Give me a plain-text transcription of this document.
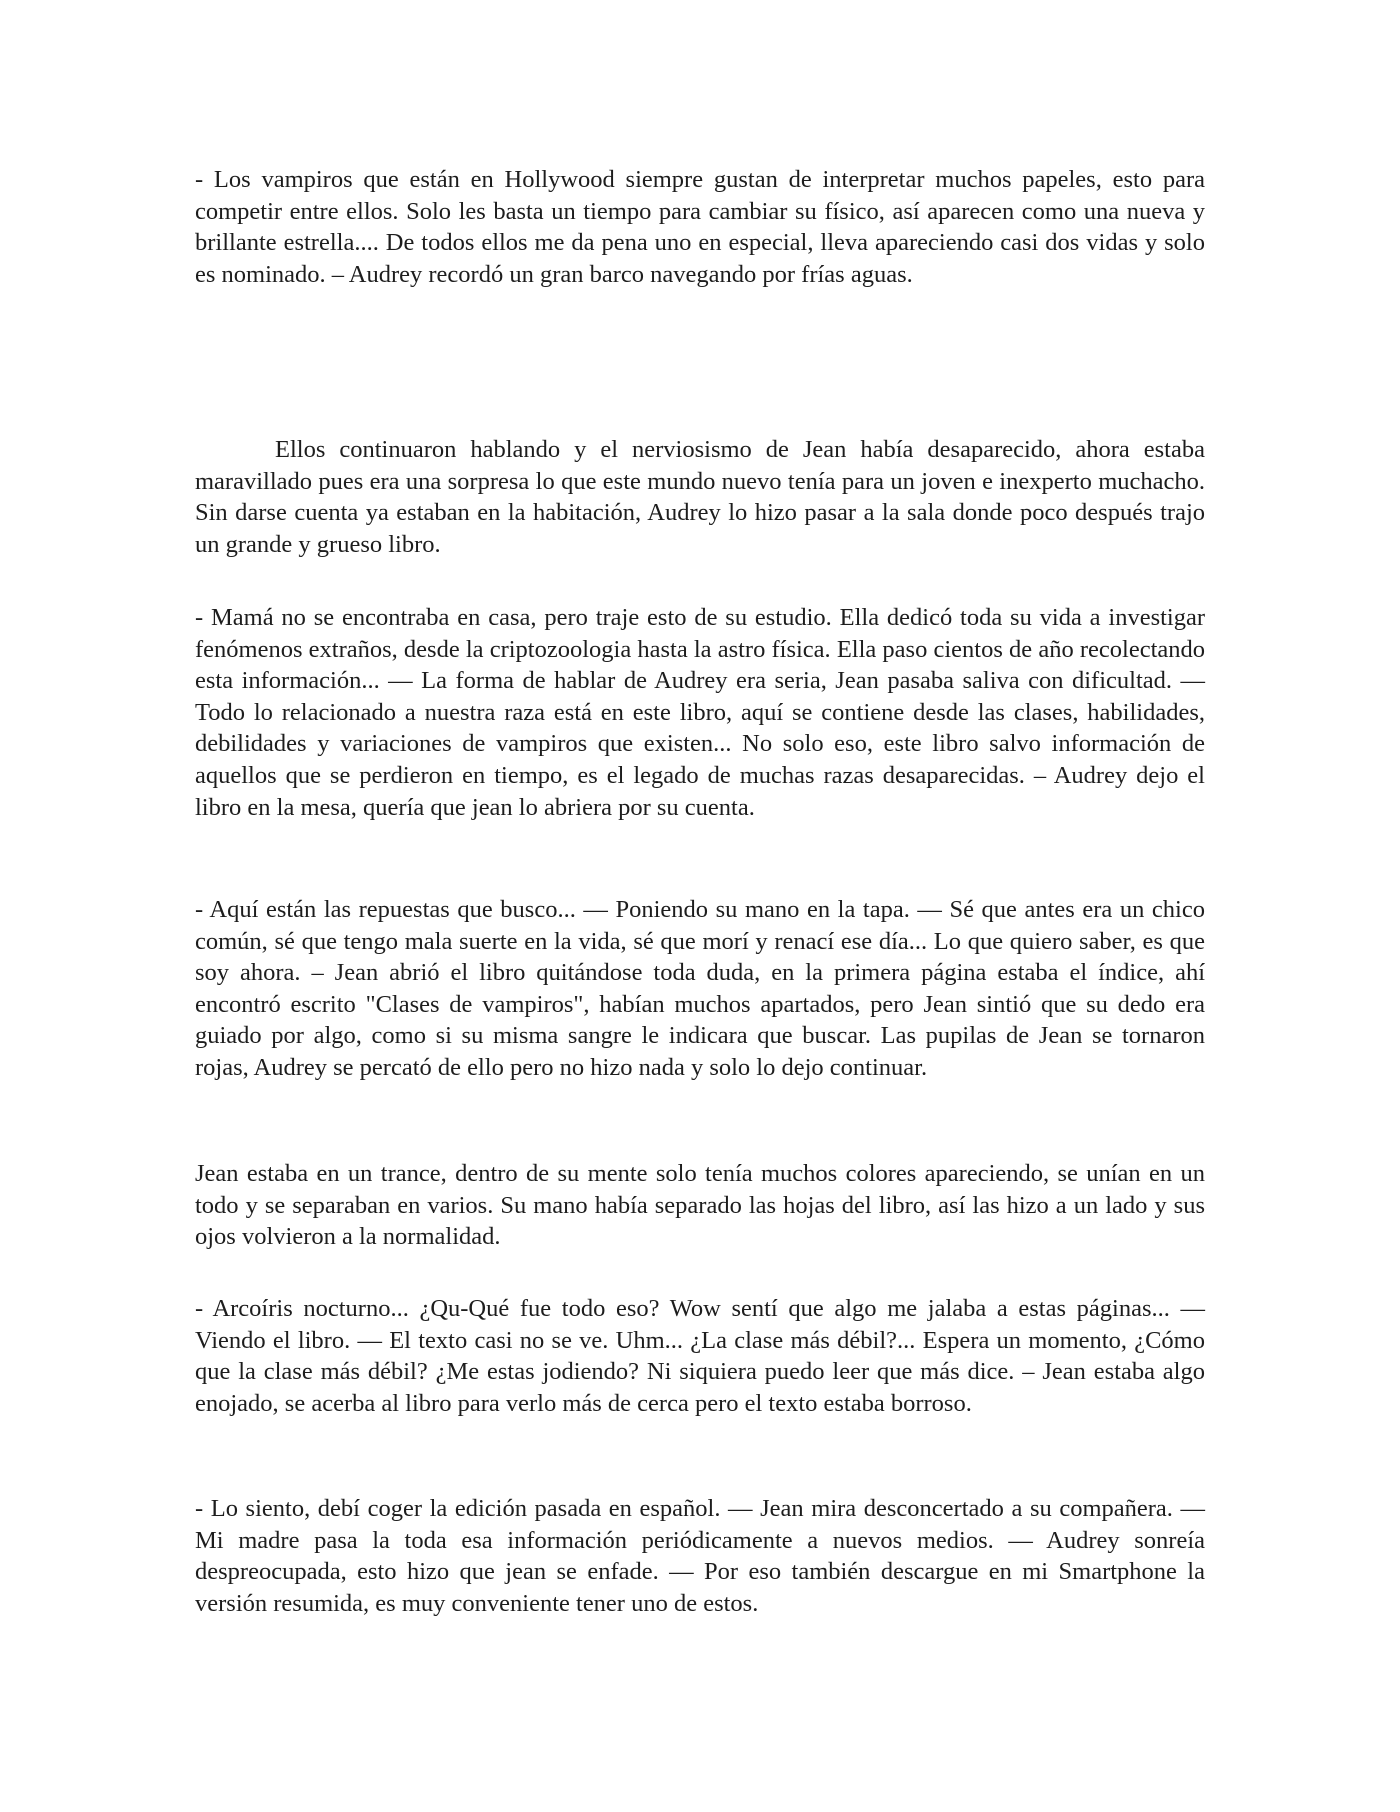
- Los vampiros que están en Hollywood siempre gustan de interpretar muchos papeles, esto para competir entre ellos. Solo les basta un tiempo para cambiar su físico, así aparecen como una nueva y brillante estrella.... De todos ellos me da pena uno en especial, lleva apareciendo casi dos vidas y solo es nominado. – Audrey recordó un gran barco navegando por frías aguas.

Ellos continuaron hablando y el nerviosismo de Jean había desaparecido, ahora estaba maravillado pues era una sorpresa lo que este mundo nuevo tenía para un joven e inexperto muchacho. Sin darse cuenta ya estaban en la habitación, Audrey lo hizo pasar a la sala donde poco después trajo un grande y grueso libro.

- Mamá no se encontraba en casa, pero traje esto de su estudio. Ella dedicó toda su vida a investigar fenómenos extraños, desde la criptozoologia hasta la astro física. Ella paso cientos de año recolectando esta información... — La forma de hablar de Audrey era seria, Jean pasaba saliva con dificultad. — Todo lo relacionado a nuestra raza está en este libro, aquí se contiene desde las clases, habilidades, debilidades y variaciones de vampiros que existen... No solo eso, este libro salvo información de aquellos que se perdieron en tiempo, es el legado de muchas razas desaparecidas. – Audrey dejo el libro en la mesa, quería que jean lo abriera por su cuenta.

- Aquí están las repuestas que busco... — Poniendo su mano en la tapa. — Sé que antes era un chico común, sé que tengo mala suerte en la vida, sé que morí y renací ese día... Lo que quiero saber, es que soy ahora. – Jean abrió el libro quitándose toda duda, en la primera página estaba el índice, ahí encontró escrito "Clases de vampiros", habían muchos apartados, pero Jean sintió que su dedo era guiado por algo, como si su misma sangre le indicara que buscar. Las pupilas de Jean se tornaron rojas, Audrey se percató de ello pero no hizo nada y solo lo dejo continuar.

Jean estaba en un trance, dentro de su mente solo tenía muchos colores apareciendo, se unían en un todo y se separaban en varios. Su mano había separado las hojas del libro, así las hizo a un lado y sus ojos volvieron a la normalidad.

- Arcoíris nocturno... ¿Qu-Qué fue todo eso? Wow sentí que algo me jalaba a estas páginas... — Viendo el libro. — El texto casi no se ve. Uhm... ¿La clase más débil?... Espera un momento, ¿Cómo que la clase más débil? ¿Me estas jodiendo? Ni siquiera puedo leer que más dice. – Jean estaba algo enojado, se acerba al libro para verlo más de cerca pero el texto estaba borroso.

- Lo siento, debí coger la edición pasada en español. — Jean mira desconcertado a su compañera. — Mi madre pasa la toda esa información periódicamente a nuevos medios. — Audrey sonreía despreocupada, esto hizo que jean se enfade. — Por eso también descargue en mi Smartphone la versión resumida, es muy conveniente tener uno de estos.
